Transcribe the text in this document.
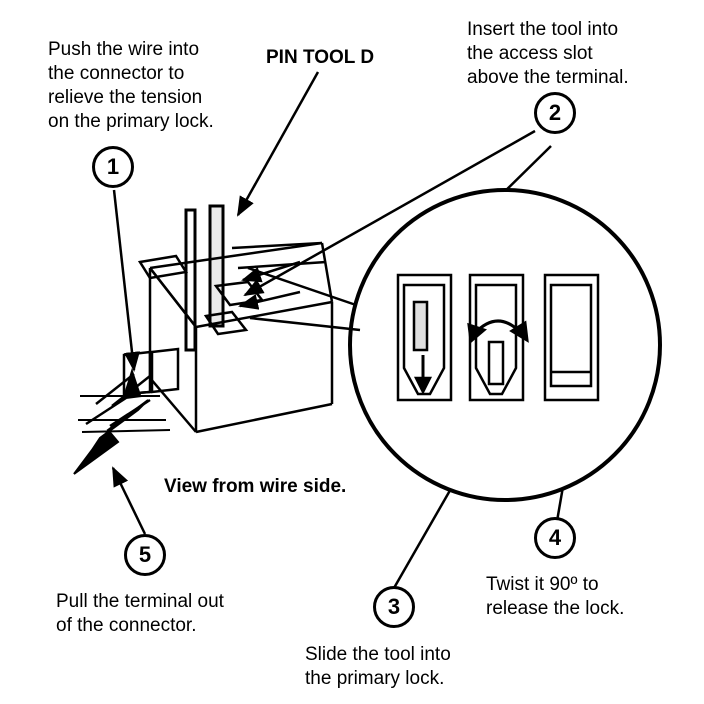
Push the wire into
the connector to
relieve the tension
on the primary lock.
PIN TOOL D
Insert the tool into
the access slot
above the terminal.
View from wire side.
Pull the terminal out
of the connector.
Slide the tool into
the primary lock.
Twist it 90º to
release the lock.
1
2
3
4
5
